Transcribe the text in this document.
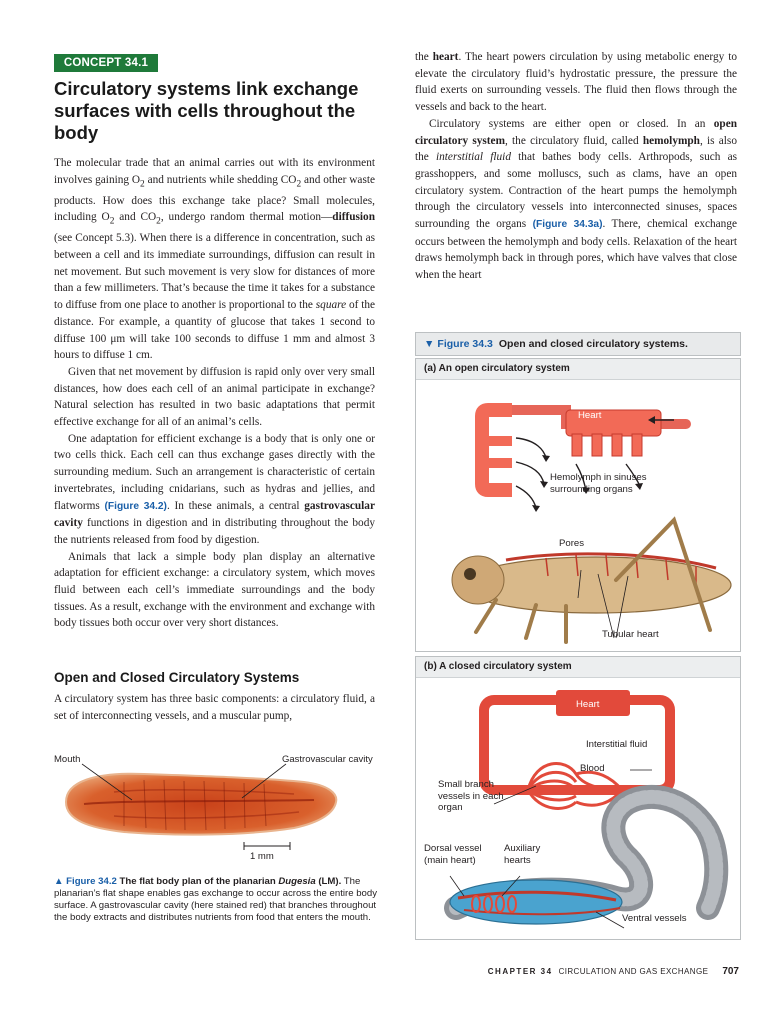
CONCEPT 34.1
Circulatory systems link exchange surfaces with cells throughout the body

The molecular trade that an animal carries out with its environment involves gaining $O_2$ and nutrients while shedding $CO_2$ and other waste products. How does this exchange take place? Small molecules, including $O_2$ and $CO_2$, undergo random thermal motion—diffusion (see Concept 5.3). When there is a difference in concentration, such as between a cell and its immediate surroundings, diffusion can result in net movement. But such movement is very slow for distances of more than a few millimeters. That’s because the time it takes for a substance to diffuse from one place to another is proportional to the square of the distance. For example, a quantity of glucose that takes 1 second to diffuse 100 μm will take 100 seconds to diffuse 1 mm and almost 3 hours to diffuse 1 cm.

Given that net movement by diffusion is rapid only over very small distances, how does each cell of an animal participate in exchange? Natural selection has resulted in two basic adaptations that permit effective exchange for all of an animal’s cells.

One adaptation for efficient exchange is a body that is only one or two cells thick. Each cell can thus exchange gases directly with the surrounding medium. Such an arrangement is characteristic of certain invertebrates, including cnidarians, such as hydras and jellies, and flatworms (Figure 34.2). In these animals, a central gastrovascular cavity functions in digestion and in distributing throughout the body the nutrients released from food by digestion.

Animals that lack a simple body plan display an alternative adaptation for efficient exchange: a circulatory system, which moves fluid between each cell’s immediate surroundings and the body tissues. As a result, exchange with the environment and exchange with body tissues both occur over very short distances.

Open and Closed Circulatory Systems

A circulatory system has three basic components: a circulatory fluid, a set of interconnecting vessels, and a muscular pump,

the heart. The heart powers circulation by using metabolic energy to elevate the circulatory fluid’s hydrostatic pressure, the pressure the fluid exerts on surrounding vessels. The fluid then flows through the vessels and back to the heart.

Circulatory systems are either open or closed. In an open circulatory system, the circulatory fluid, called hemolymph, is also the interstitial fluid that bathes body cells. Arthropods, such as grasshoppers, and some molluscs, such as clams, have an open circulatory system. Contraction of the heart pumps the hemolymph through the circulatory vessels into interconnected sinuses, spaces surrounding the organs (Figure 34.3a). There, chemical exchange occurs between the hemolymph and body cells. Relaxation of the heart draws hemolymph back in through pores, which have valves that close when the heart

Mouth	Gastrovascular cavity
1 mm
▲ Figure 34.2 The flat body plan of the planarian Dugesia (LM). The planarian’s flat shape enables gas exchange to occur across the entire body surface. A gastrovascular cavity (here stained red) that branches throughout the body extracts and distributes nutrients from food that enters the mouth.
▼ Figure 34.3 Open and closed circulatory systems.
(a) An open circulatory system
Heart
Hemolymph in sinuses surrounding organs
Pores
Tubular heart
(b) A closed circulatory system
Heart
Interstitial fluid
Blood
Small branch vessels in each organ
Dorsal vessel (main heart)
Auxiliary hearts
Ventral vessels
CHAPTER 34 CIRCULATION AND GAS EXCHANGE 707
